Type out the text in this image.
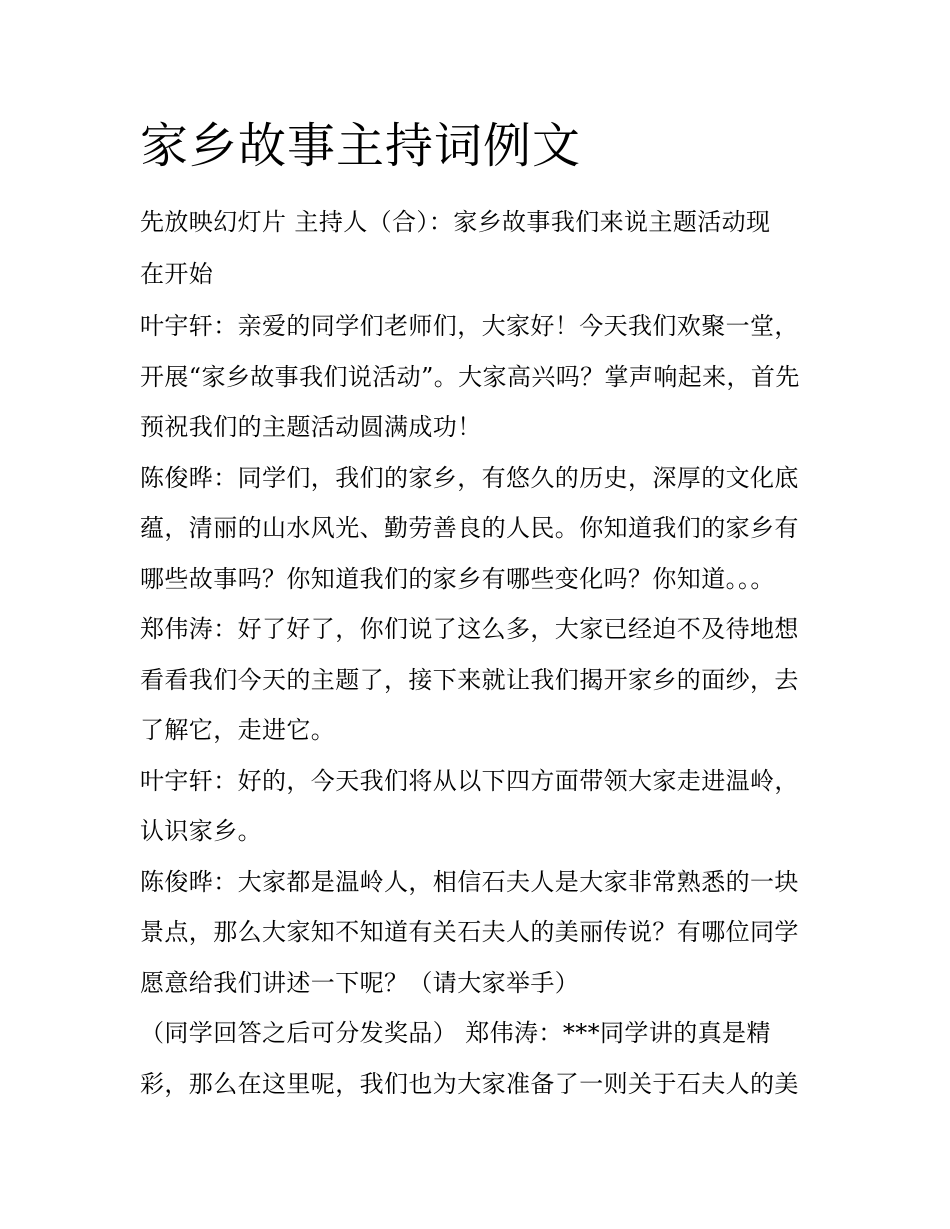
家乡故事主持词例文

先放映幻灯片 主持人（合）：家乡故事我们来说主题活动现

在开始

叶宇轩：亲爱的同学们老师们，大家好！今天我们欢聚一堂，

开展“家乡故事我们说活动”。大家高兴吗？掌声响起来，首先

预祝我们的主题活动圆满成功！

陈俊晔：同学们，我们的家乡，有悠久的历史，深厚的文化底

蕴，清丽的山水风光、勤劳善良的人民。你知道我们的家乡有

哪些故事吗？你知道我们的家乡有哪些变化吗？你知道。。。

郑伟涛：好了好了，你们说了这么多，大家已经迫不及待地想

看看我们今天的主题了，接下来就让我们揭开家乡的面纱，去

了解它，走进它。

叶宇轩：好的，今天我们将从以下四方面带领大家走进温岭，

认识家乡。

陈俊晔：大家都是温岭人，相信石夫人是大家非常熟悉的一块

景点，那么大家知不知道有关石夫人的美丽传说？有哪位同学

愿意给我们讲述一下呢？（请大家举手）

（同学回答之后可分发奖品） 郑伟涛：***同学讲的真是精

彩，那么在这里呢，我们也为大家准备了一则关于石夫人的美
